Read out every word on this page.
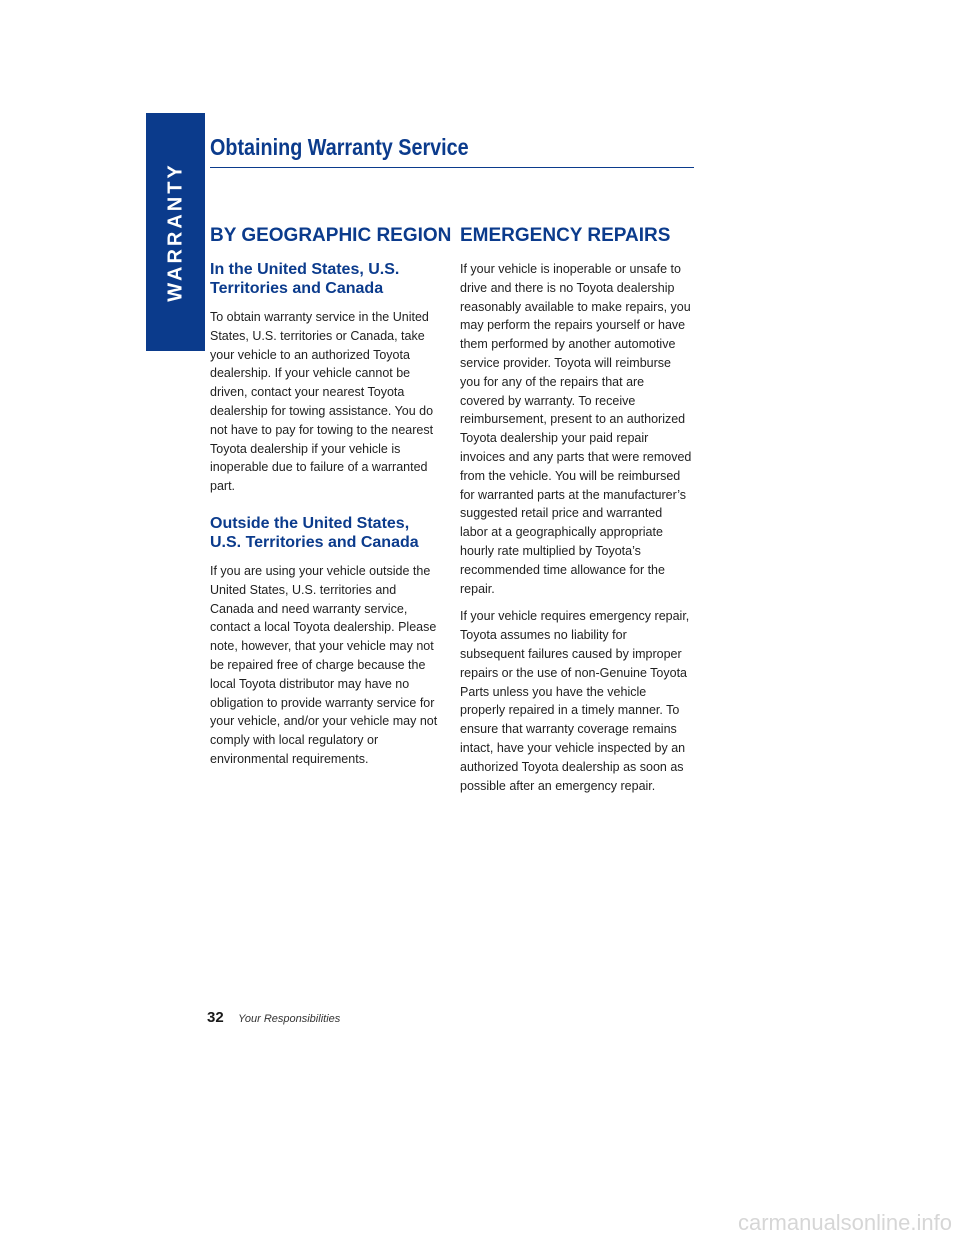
WARRANTY
Obtaining Warranty Service
BY GEOGRAPHIC REGION
In the United States, U.S. Territories and Canada

To obtain warranty service in the United States, U.S. territories or Canada, take your vehicle to an authorized Toyota dealership. If your vehicle cannot be driven, contact your nearest Toyota dealership for towing assistance. You do not have to pay for towing to the nearest Toyota dealership if your vehicle is inoperable due to failure of a warranted part.

Outside the United States, U.S. Territories and Canada

If you are using your vehicle outside the United States, U.S. territories and Canada and need warranty service, contact a local Toyota dealership. Please note, however, that your vehicle may not be repaired free of charge because the local Toyota distributor may have no obligation to provide warranty service for your vehicle, and/or your vehicle may not comply with local regulatory or environmental requirements.

EMERGENCY REPAIRS

If your vehicle is inoperable or unsafe to drive and there is no Toyota dealership reasonably available to make repairs, you may perform the repairs yourself or have them performed by another automotive service provider. Toyota will reimburse you for any of the repairs that are covered by warranty. To receive reimbursement, present to an authorized Toyota dealership your paid repair invoices and any parts that were removed from the vehicle. You will be reimbursed for warranted parts at the manufacturer’s suggested retail price and warranted labor at a geographically appropriate hourly rate multiplied by Toyota’s recommended time allowance for the repair.

If your vehicle requires emergency repair, Toyota assumes no liability for subsequent failures caused by improper repairs or the use of non-Genuine Toyota Parts unless you have the vehicle properly repaired in a timely manner. To ensure that warranty coverage remains intact, have your vehicle inspected by an authorized Toyota dealership as soon as possible after an emergency repair.

32 Your Responsibilities
carmanualsonline.info
